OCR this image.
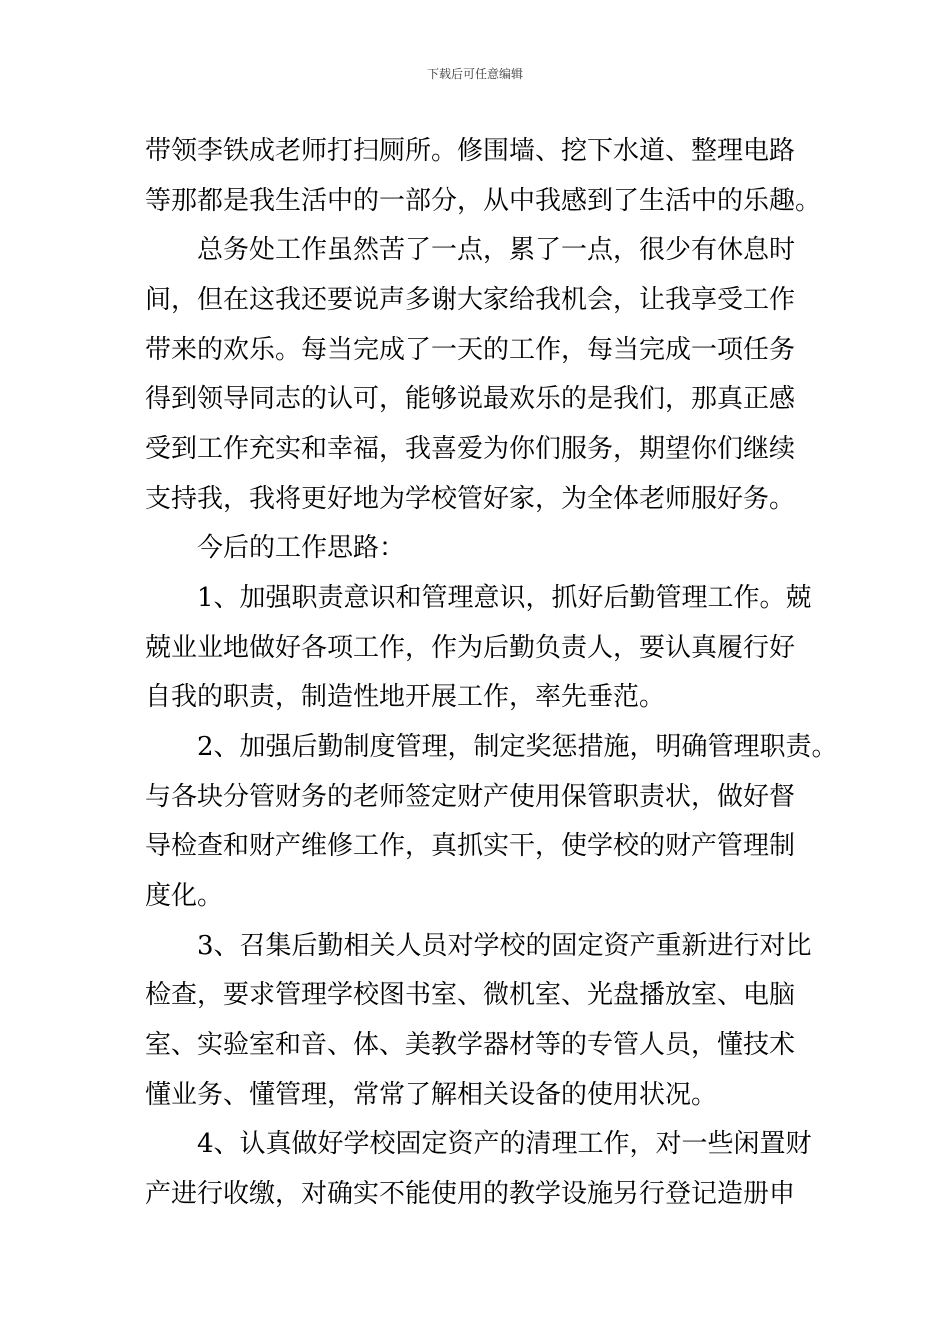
下载后可任意编辑
带领李铁成老师打扫厕所。修围墙、挖下水道、整理电路
等那都是我生活中的一部分，从中我感到了生活中的乐趣。
总务处工作虽然苦了一点，累了一点，很少有休息时
间，但在这我还要说声多谢大家给我机会，让我享受工作
带来的欢乐。每当完成了一天的工作，每当完成一项任务
得到领导同志的认可，能够说最欢乐的是我们，那真正感
受到工作充实和幸福，我喜爱为你们服务，期望你们继续
支持我，我将更好地为学校管好家，为全体老师服好务。
今后的工作思路：
1、加强职责意识和管理意识，抓好后勤管理工作。兢
兢业业地做好各项工作，作为后勤负责人，要认真履行好
自我的职责，制造性地开展工作，率先垂范。
2、加强后勤制度管理，制定奖惩措施，明确管理职责。
与各块分管财务的老师签定财产使用保管职责状，做好督
导检查和财产维修工作，真抓实干，使学校的财产管理制
度化。
3、召集后勤相关人员对学校的固定资产重新进行对比
检查，要求管理学校图书室、微机室、光盘播放室、电脑
室、实验室和音、体、美教学器材等的专管人员，懂技术
懂业务、懂管理，常常了解相关设备的使用状况。
4、认真做好学校固定资产的清理工作，对一些闲置财
产进行收缴，对确实不能使用的教学设施另行登记造册申
